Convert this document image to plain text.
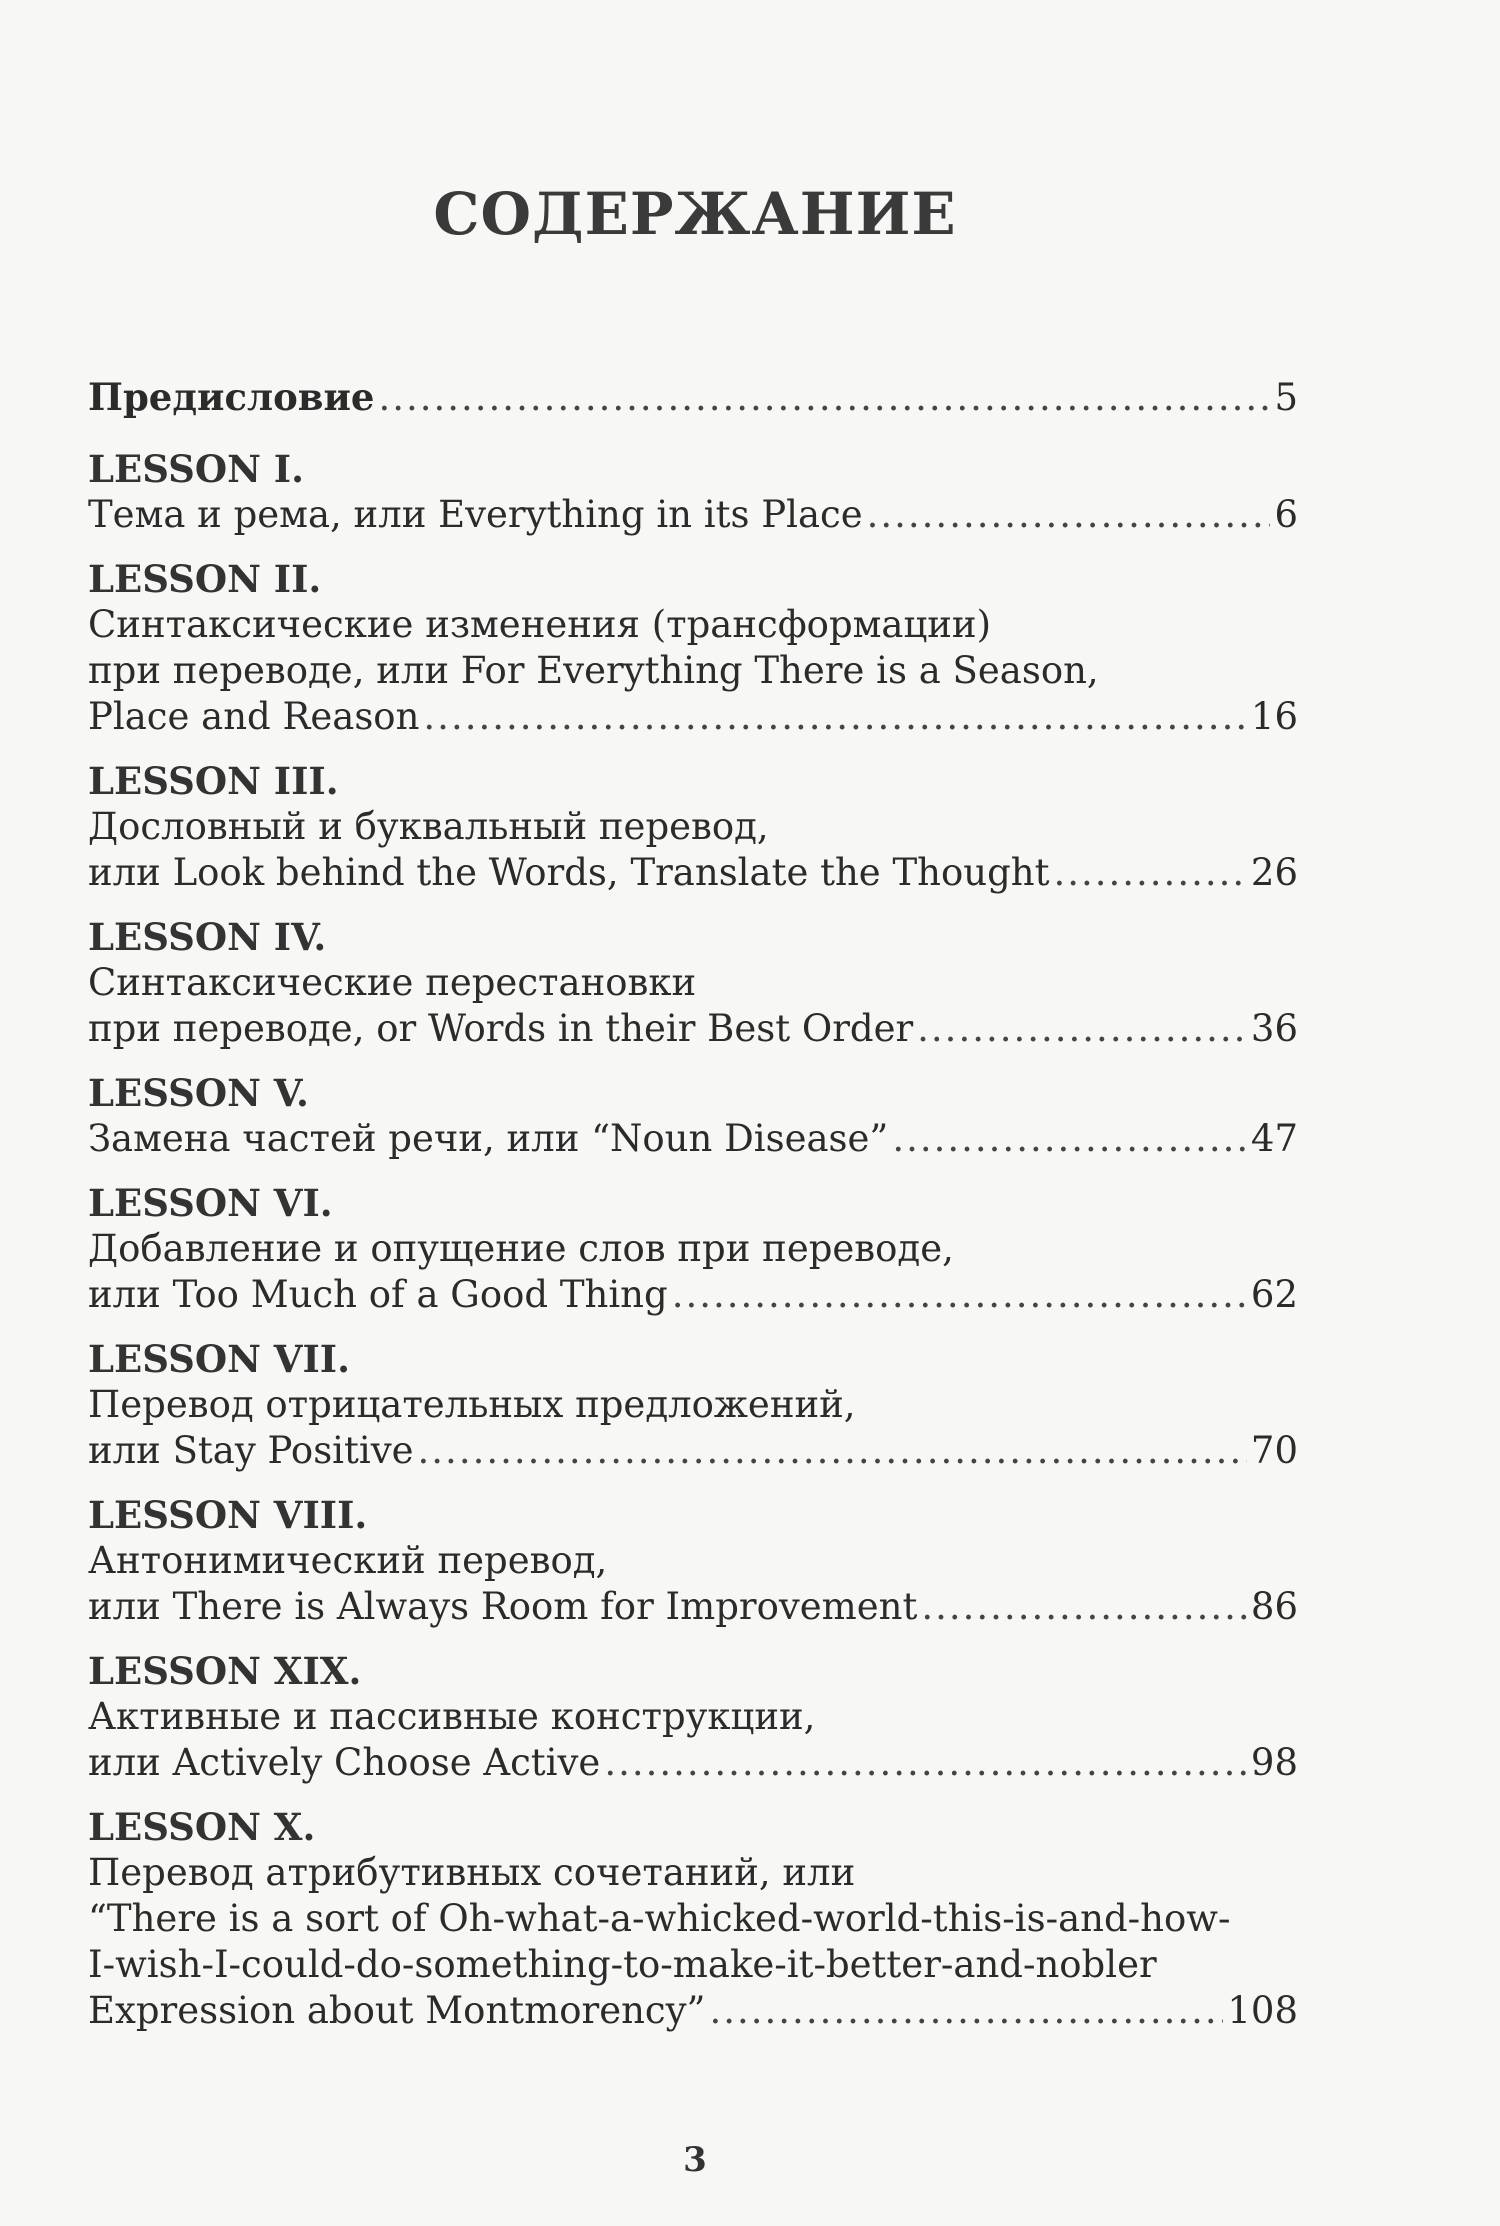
СОДЕРЖАНИЕ
Предисловие .....	5
LESSON I.
Тема и рема, или Everything in its Place .....	6
LESSON II.
Синтаксические изменения (трансформации)
при переводе, или For Everything There is a Season,
Place and Reason .....	16
LESSON III.
Дословный и буквальный перевод,
или Look behind the Words, Translate the Thought .....	26
LESSON IV.
Синтаксические перестановки
при переводе, or Words in their Best Order .....	36
LESSON V.
Замена частей речи, или “Noun Disease” .....	47
LESSON VI.
Добавление и опущение слов при переводе,
или Too Much of a Good Thing .....	62
LESSON VII.
Перевод отрицательных предложений,
или Stay Positive .....	70
LESSON VIII.
Антонимический перевод,
или There is Always Room for Improvement .....	86
LESSON XIX.
Активные и пассивные конструкции,
или Actively Choose Active .....	98
LESSON X.
Перевод атрибутивных сочетаний, или
“There is a sort of Oh-what-a-whicked-world-this-is-and-how-
I-wish-I-could-do-something-to-make-it-better-and-nobler
Expression about Montmorency” .....	108
3
